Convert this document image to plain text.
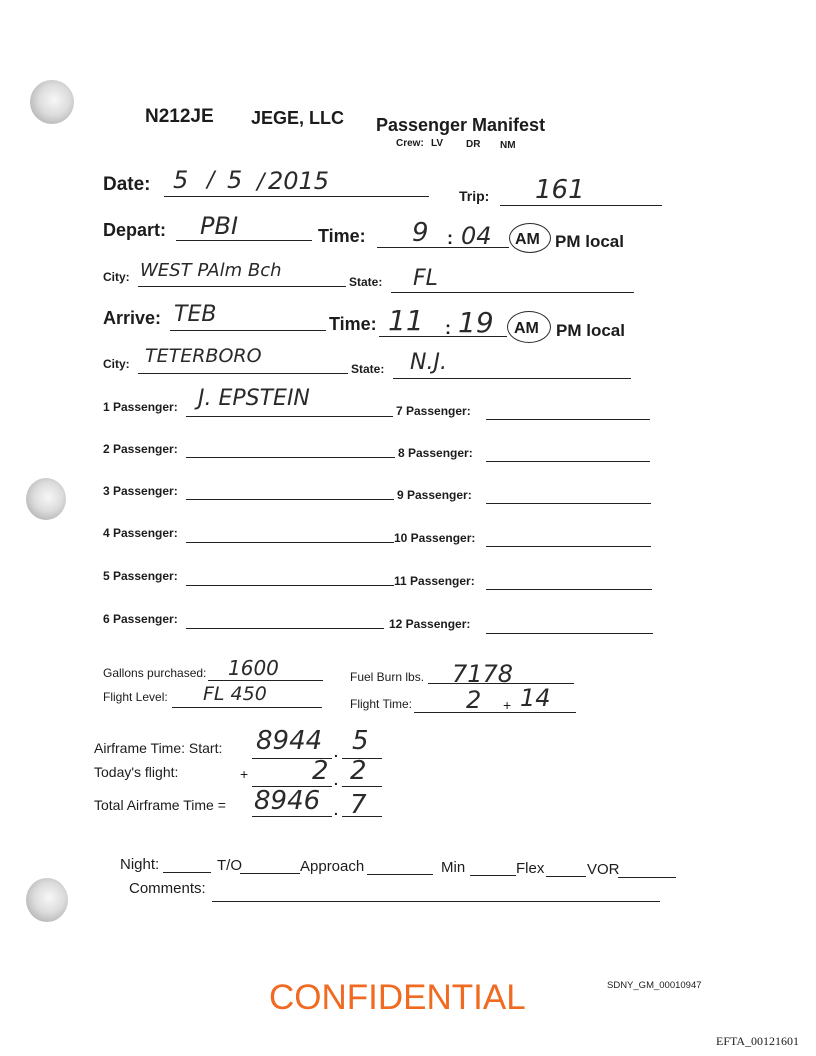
N212JE JEGE, LLC Passenger Manifest
Crew: LV DR NM
Date: 5 / 5 / 2015
Trip: 161
Depart: PBI	Time: 9 : 04 AM PM local
City: WEST PAlm Bch
State: FL
Arrive: TEB	Time: 11 : 19 AM PM local
City: TETERBORO
State: N.J.
1 Passenger: J. EPSTEIN	7 Passenger:
2 Passenger:	8 Passenger:
3 Passenger:	9 Passenger:
4 Passenger:	10 Passenger:
5 Passenger:	11 Passenger:
6 Passenger:	12 Passenger:
Gallons purchased: 1600	Fuel Burn lbs. 7178
Flight Level: FL 450	Flight Time: 2 + 14
Airframe Time: Start: 8944 . 5
Today's flight:	+ 2 . 2
Total Airframe Time = 8946 . 7
Night:	T/O	Approach	Min	Flex	VOR
Comments:
SDNY_GM_00010947
CONFIDENTIAL
EFTA_00121601
